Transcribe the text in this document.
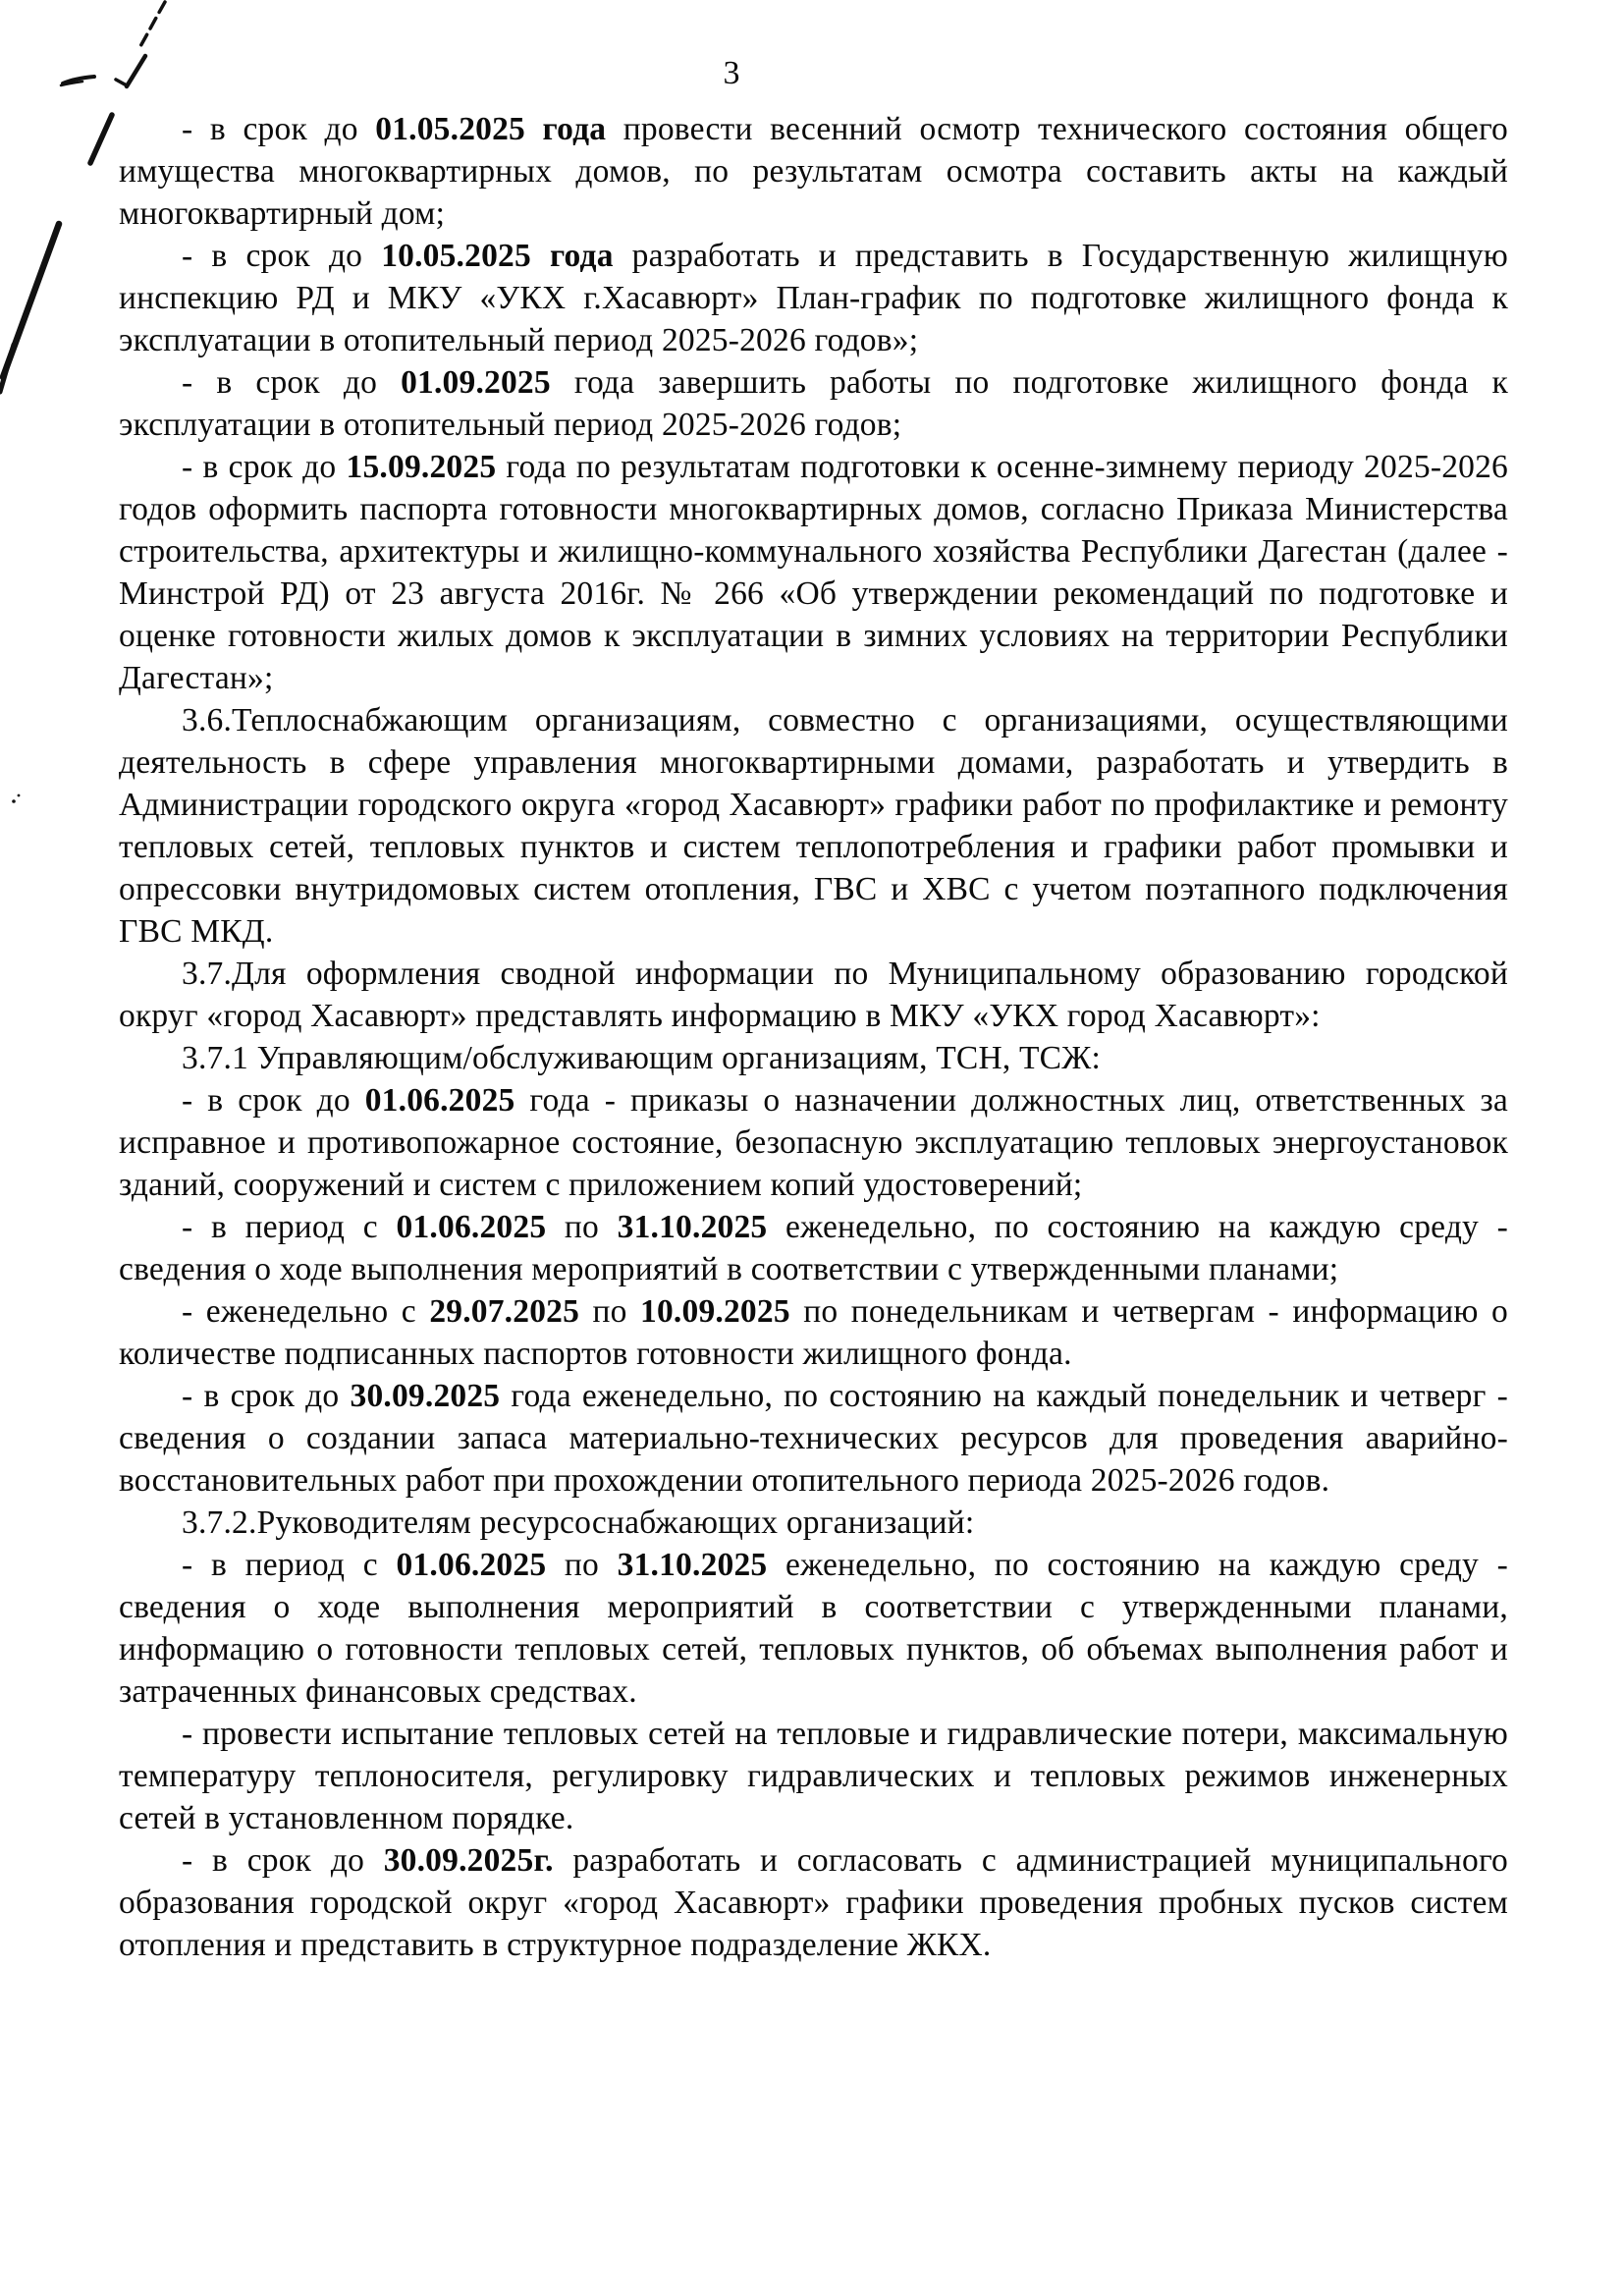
3

- в срок до 01.05.2025 года провести весенний осмотр технического состояния общего имущества многоквартирных домов, по результатам осмотра составить акты на каждый многоквартирный дом;

- в срок до 10.05.2025 года разработать и представить в Государственную жилищную инспекцию РД и МКУ «УКХ г.Хасавюрт» План-график по подготовке жилищного фонда к эксплуатации в отопительный период 2025-2026 годов»;

- в срок до 01.09.2025 года завершить работы по подготовке жилищного фонда к эксплуатации в отопительный период 2025-2026 годов;

- в срок до 15.09.2025 года по результатам подготовки к осенне-зимнему периоду 2025-2026 годов оформить паспорта готовности многоквартирных домов, согласно Приказа Министерства строительства, архитектуры и жилищно-коммунального хозяйства Республики Дагестан (далее - Минстрой РД) от 23 августа 2016г. № 266 «Об утверждении рекомендаций по подготовке и оценке готовности жилых домов к эксплуатации в зимних условиях на территории Республики Дагестан»;

3.6.Теплоснабжающим организациям, совместно с организациями, осуществляющими деятельность в сфере управления многоквартирными домами, разработать и утвердить в Администрации городского округа «город Хасавюрт» графики работ по профилактике и ремонту тепловых сетей, тепловых пунктов и систем теплопотребления и графики работ промывки и опрессовки внутридомовых систем отопления, ГВС и ХВС с учетом поэтапного подключения ГВС МКД.

3.7.Для оформления сводной информации по Муниципальному образованию городской округ «город Хасавюрт» представлять информацию в МКУ «УКХ город Хасавюрт»:

3.7.1 Управляющим/обслуживающим организациям, ТСН, ТСЖ:

- в срок до 01.06.2025 года - приказы о назначении должностных лиц, ответственных за исправное и противопожарное состояние, безопасную эксплуатацию тепловых энергоустановок зданий, сооружений и систем с приложением копий удостоверений;

- в период с 01.06.2025 по 31.10.2025 еженедельно, по состоянию на каждую среду - сведения о ходе выполнения мероприятий в соответствии с утвержденными планами;

- еженедельно с 29.07.2025 по 10.09.2025 по понедельникам и четвергам - информацию о количестве подписанных паспортов готовности жилищного фонда.

- в срок до 30.09.2025 года еженедельно, по состоянию на каждый понедельник и четверг - сведения о создании запаса материально-технических ресурсов для проведения аварийно-восстановительных работ при прохождении отопительного периода 2025-2026 годов.

3.7.2.Руководителям ресурсоснабжающих организаций:

- в период с 01.06.2025 по 31.10.2025 еженедельно, по состоянию на каждую среду - сведения о ходе выполнения мероприятий в соответствии с утвержденными планами, информацию о готовности тепловых сетей, тепловых пунктов, об объемах выполнения работ и затраченных финансовых средствах.

- провести испытание тепловых сетей на тепловые и гидравлические потери, максимальную температуру теплоносителя, регулировку гидравлических и тепловых режимов инженерных сетей в установленном порядке.

- в срок до 30.09.2025г. разработать и согласовать с администрацией муниципального образования городской округ «город Хасавюрт» графики проведения пробных пусков систем отопления и представить в структурное подразделение ЖКХ.
